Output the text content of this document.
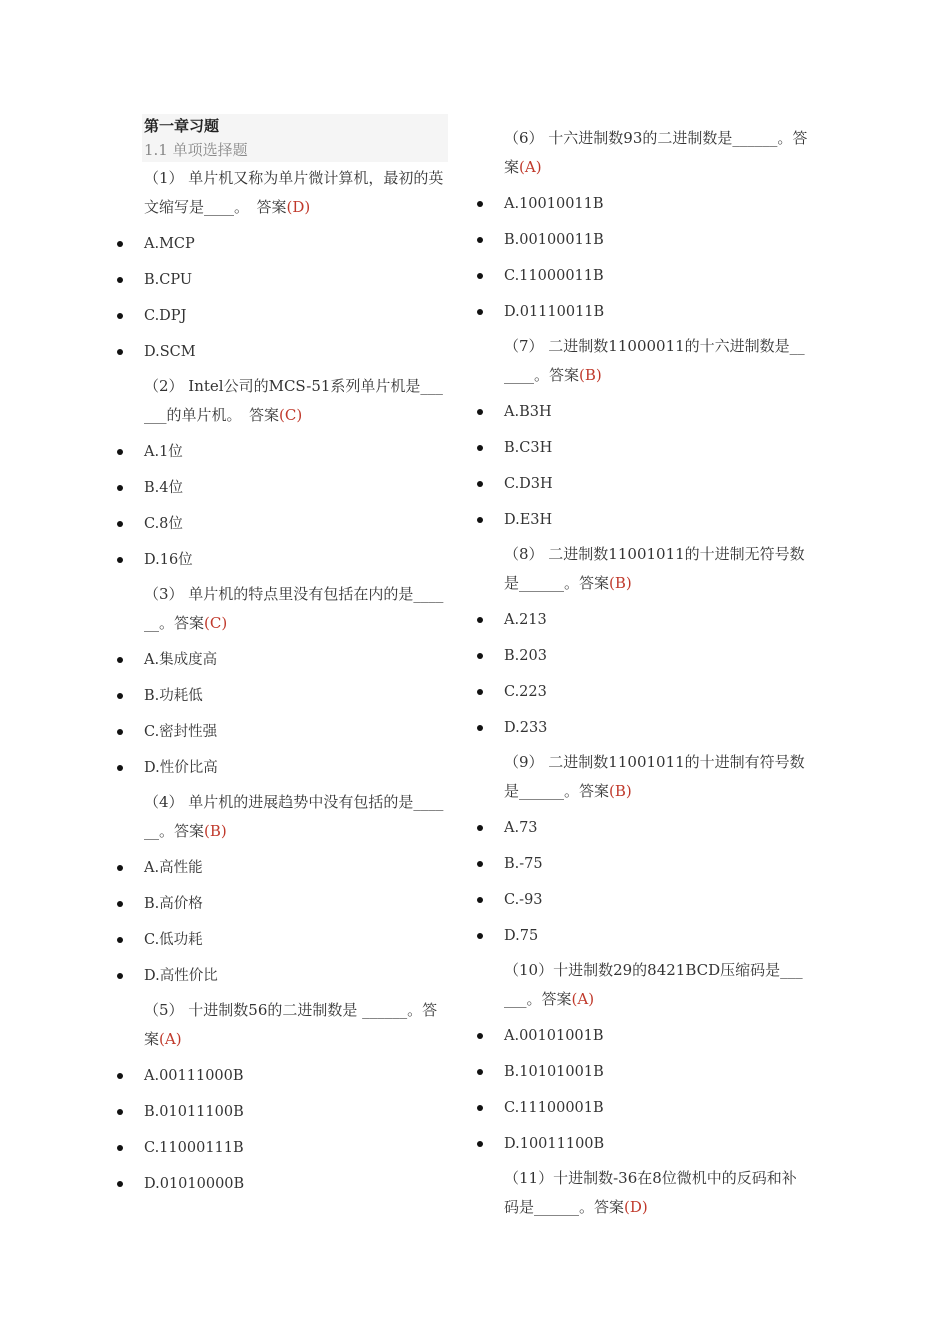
第一章习题
1.1 单项选择题
（1） 单片机又称为单片微计算机，最初的英文缩写是____。　答案(D)
A.MCP
B.CPU
C.DPJ
D.SCM
（2） Intel公司的MCS-51系列单片机是______的单片机。　答案(C)
A.1位
B.4位
C.8位
D.16位
（3） 单片机的特点里没有包括在内的是______。答案(C)
A.集成度高
B.功耗低
C.密封性强
D.性价比高
（4） 单片机的进展趋势中没有包括的是______。答案(B)
A.高性能
B.高价格
C.低功耗
D.高性价比
（5） 十进制数56的二进制数是 ______。答案(A)
A.00111000B
B.01011100B
C.11000111B
D.01010000B
（6） 十六进制数93的二进制数是______。答案(A)
A.10010011B
B.00100011B
C.11000011B
D.01110011B
（7） 二进制数11000011的十六进制数是______。答案(B)
A.B3H
B.C3H
C.D3H
D.E3H
（8） 二进制数11001011的十进制无符号数是______。答案(B)
A.213
B.203
C.223
D.233
（9） 二进制数11001011的十进制有符号数是______。答案(B)
A.73
B.-75
C.-93
D.75
（10）十进制数29的8421BCD压缩码是______。答案(A)
A.00101001B
B.10101001B
C.11100001B
D.10011100B
（11）十进制数-36在8位微机中的反码和补码是______。答案(D)
